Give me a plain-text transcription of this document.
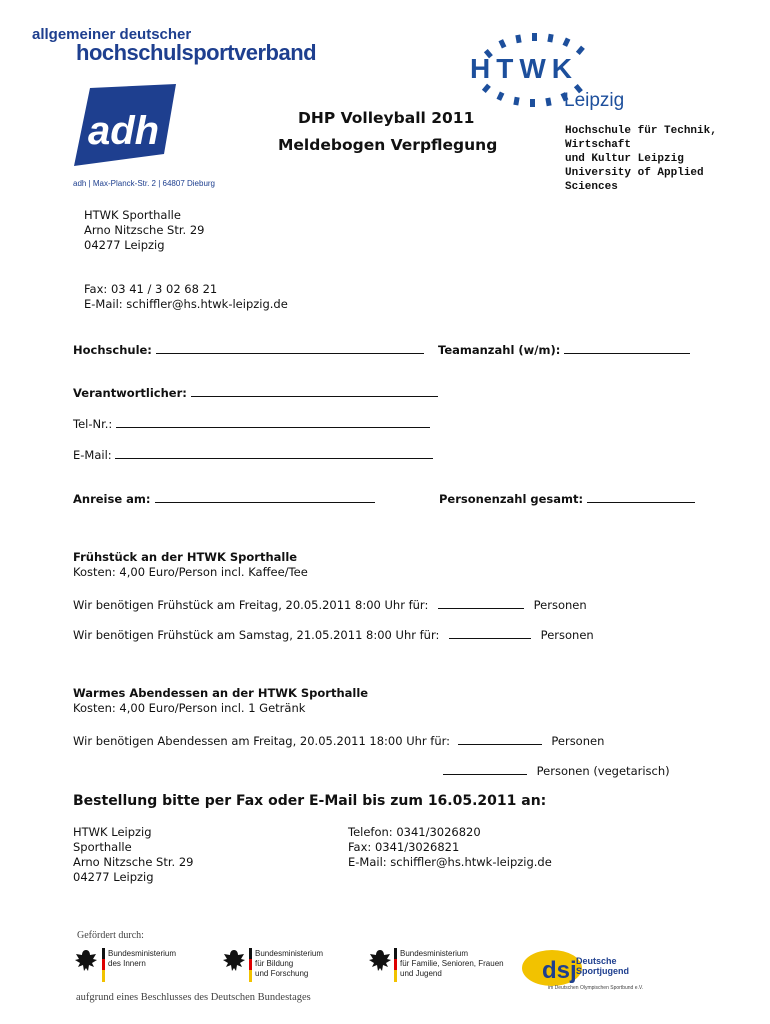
allgemeiner deutscher
hochschulsportverband
adh
adh | Max-Planck-Str. 2 | 64807 Dieburg
HTWK
Leipzig
Hochschule für Technik,
Wirtschaft
und Kultur Leipzig
University of Applied
Sciences
DHP Volleyball 2011
Meldebogen Verpflegung
HTWK Sporthalle
Arno Nitzsche Str. 29
04277 Leipzig
Fax: 03 41 / 3 02 68 21
E-Mail: schiffler@hs.htwk-leipzig.de
Hochschule:	Teamanzahl (w/m):
Verantwortlicher:
Tel-Nr.:
E-Mail:
Anreise am:	Personenzahl gesamt:
Frühstück an der HTWK Sporthalle
Kosten: 4,00 Euro/Person incl. Kaffee/Tee
Wir benötigen Frühstück am Freitag, 20.05.2011 8:00 Uhr für:	Personen
Wir benötigen Frühstück am Samstag, 21.05.2011 8:00 Uhr für:	Personen
Warmes Abendessen an der HTWK Sporthalle
Kosten: 4,00 Euro/Person incl. 1 Getränk
Wir benötigen Abendessen am Freitag, 20.05.2011 18:00 Uhr für:	Personen
Personen (vegetarisch)
Bestellung bitte per Fax oder E-Mail bis zum 16.05.2011 an:
HTWK Leipzig
Sporthalle
Arno Nitzsche Str. 29
04277 Leipzig
Telefon: 0341/3026820
Fax: 0341/3026821
E-Mail: schiffler@hs.htwk-leipzig.de
Gefördert durch:
Bundesministerium
des Innern
Bundesministerium
für Bildung
und Forschung
Bundesministerium
für Familie, Senioren, Frauen
und Jugend	dsj Deutsche
Sportjugend
im Deutschen Olympischen Sportbund e.V.
aufgrund eines Beschlusses des Deutschen Bundestages
